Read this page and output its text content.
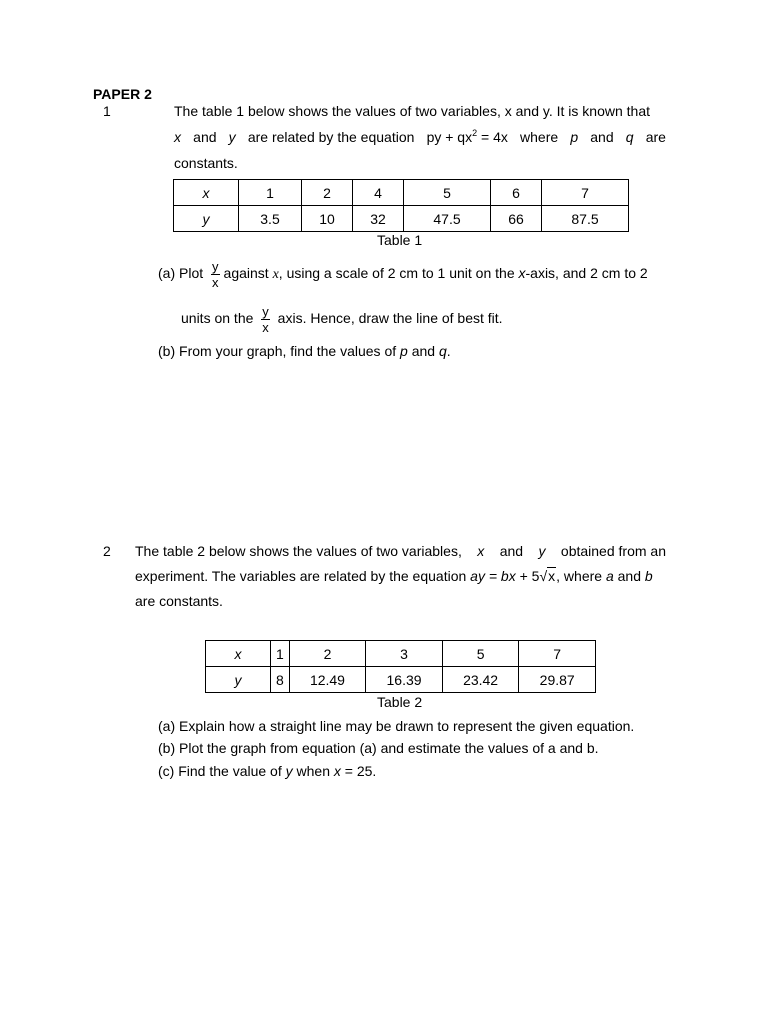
PAPER 2
1	The table 1 below shows the values of two variables, x and y. It is known that
x and y are related by the equation py + $qx^2 = 4x$ where p and q are
constants.
x	1	2	4	5	6	7
y	3.5	10	32	47.5	66	87.5
Table 1
(a) Plot $\frac{y}{x}$ against x, using a scale of 2 cm to 1 unit on the x-axis, and 2 cm to 2
units on the $\frac{y}{x}$ axis. Hence, draw the line of best fit.
(b) From your graph, find the values of p and q.
2 The table 2 below shows the values of two variables, x and y obtained from an
experiment. The variables are related by the equation ay = bx + 5√x, where a and b
are constants.
x	1	2	3	5	7
y	8	12.49	16.39	23.42	29.87
Table 2
(a) Explain how a straight line may be drawn to represent the given equation.
(b) Plot the graph from equation (a) and estimate the values of a and b.
(c) Find the value of y when x = 25.
